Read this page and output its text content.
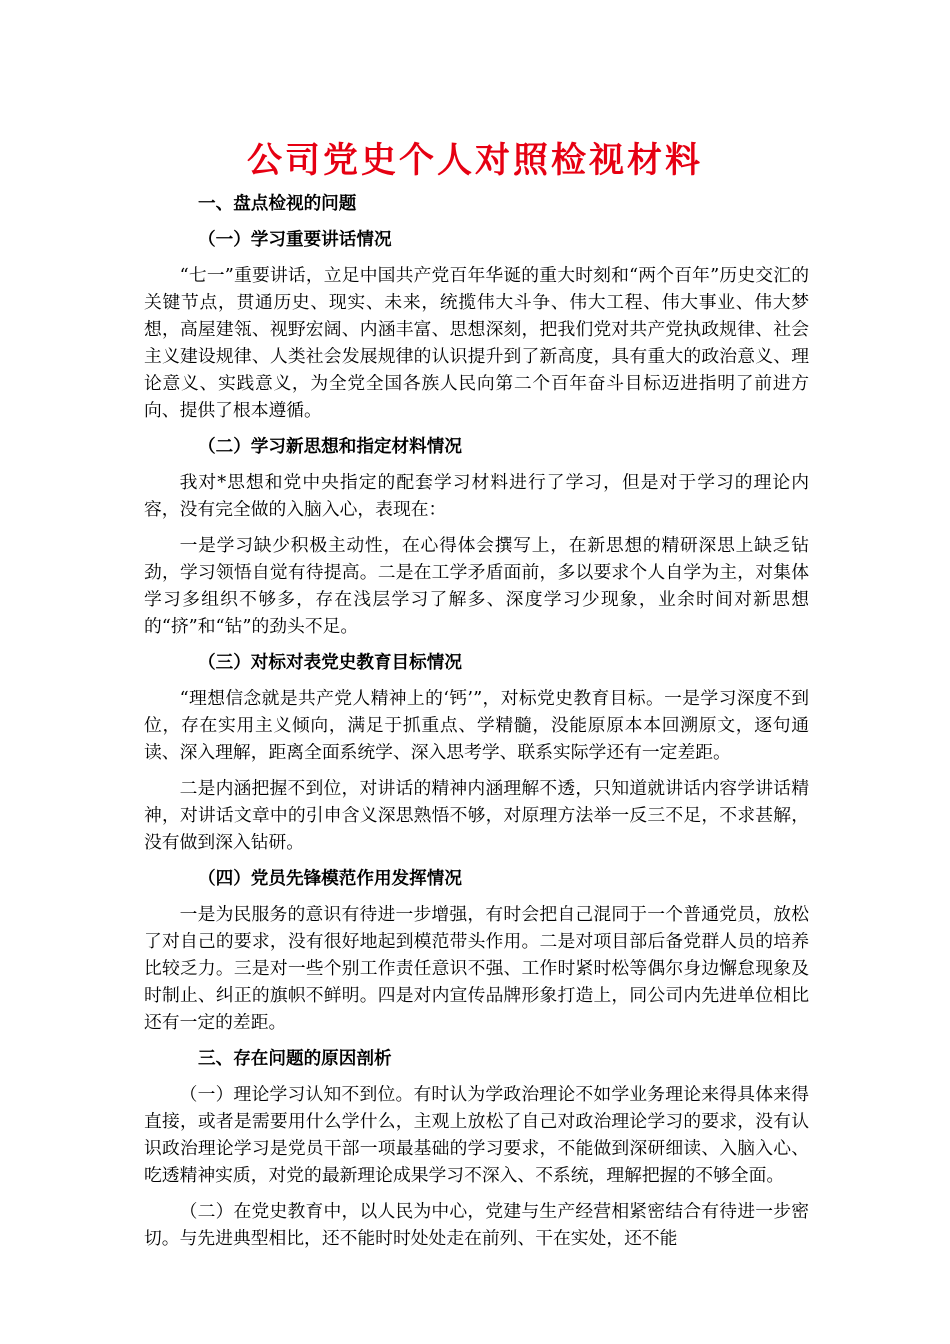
公司党史个人对照检视材料

一、盘点检视的问题

（一）学习重要讲话情况

“七一”重要讲话，立足中国共产党百年华诞的重大时刻和“两个百年”历史交汇的关键节点，贯通历史、现实、未来，统揽伟大斗争、伟大工程、伟大事业、伟大梦想，高屋建瓴、视野宏阔、内涵丰富、思想深刻，把我们党对共产党执政规律、社会主义建设规律、人类社会发展规律的认识提升到了新高度，具有重大的政治意义、理论意义、实践意义，为全党全国各族人民向第二个百年奋斗目标迈进指明了前进方向、提供了根本遵循。

（二）学习新思想和指定材料情况

我对*思想和党中央指定的配套学习材料进行了学习，但是对于学习的理论内容，没有完全做的入脑入心，表现在：

一是学习缺少积极主动性，在心得体会撰写上，在新思想的精研深思上缺乏钻劲，学习领悟自觉有待提高。二是在工学矛盾面前，多以要求个人自学为主，对集体学习多组织不够多，存在浅层学习了解多、深度学习少现象，业余时间对新思想的“挤”和“钻”的劲头不足。

（三）对标对表党史教育目标情况

“理想信念就是共产党人精神上的‘钙’”，对标党史教育目标。一是学习深度不到位，存在实用主义倾向，满足于抓重点、学精髓，没能原原本本回溯原文，逐句通读、深入理解，距离全面系统学、深入思考学、联系实际学还有一定差距。

二是内涵把握不到位，对讲话的精神内涵理解不透，只知道就讲话内容学讲话精神，对讲话文章中的引申含义深思熟悟不够，对原理方法举一反三不足，不求甚解，没有做到深入钻研。

（四）党员先锋模范作用发挥情况

一是为民服务的意识有待进一步增强，有时会把自己混同于一个普通党员，放松了对自己的要求，没有很好地起到模范带头作用。二是对项目部后备党群人员的培养比较乏力。三是对一些个别工作责任意识不强、工作时紧时松等偶尔身边懈怠现象及时制止、纠正的旗帜不鲜明。四是对内宣传品牌形象打造上，同公司内先进单位相比还有一定的差距。

三、存在问题的原因剖析

（一）理论学习认知不到位。有时认为学政治理论不如学业务理论来得具体来得直接，或者是需要用什么学什么，主观上放松了自己对政治理论学习的要求，没有认识政治理论学习是党员干部一项最基础的学习要求，不能做到深研细读、入脑入心、吃透精神实质，对党的最新理论成果学习不深入、不系统，理解把握的不够全面。

（二）在党史教育中，以人民为中心，党建与生产经营相紧密结合有待进一步密切。与先进典型相比，还不能时时处处走在前列、干在实处，还不能
